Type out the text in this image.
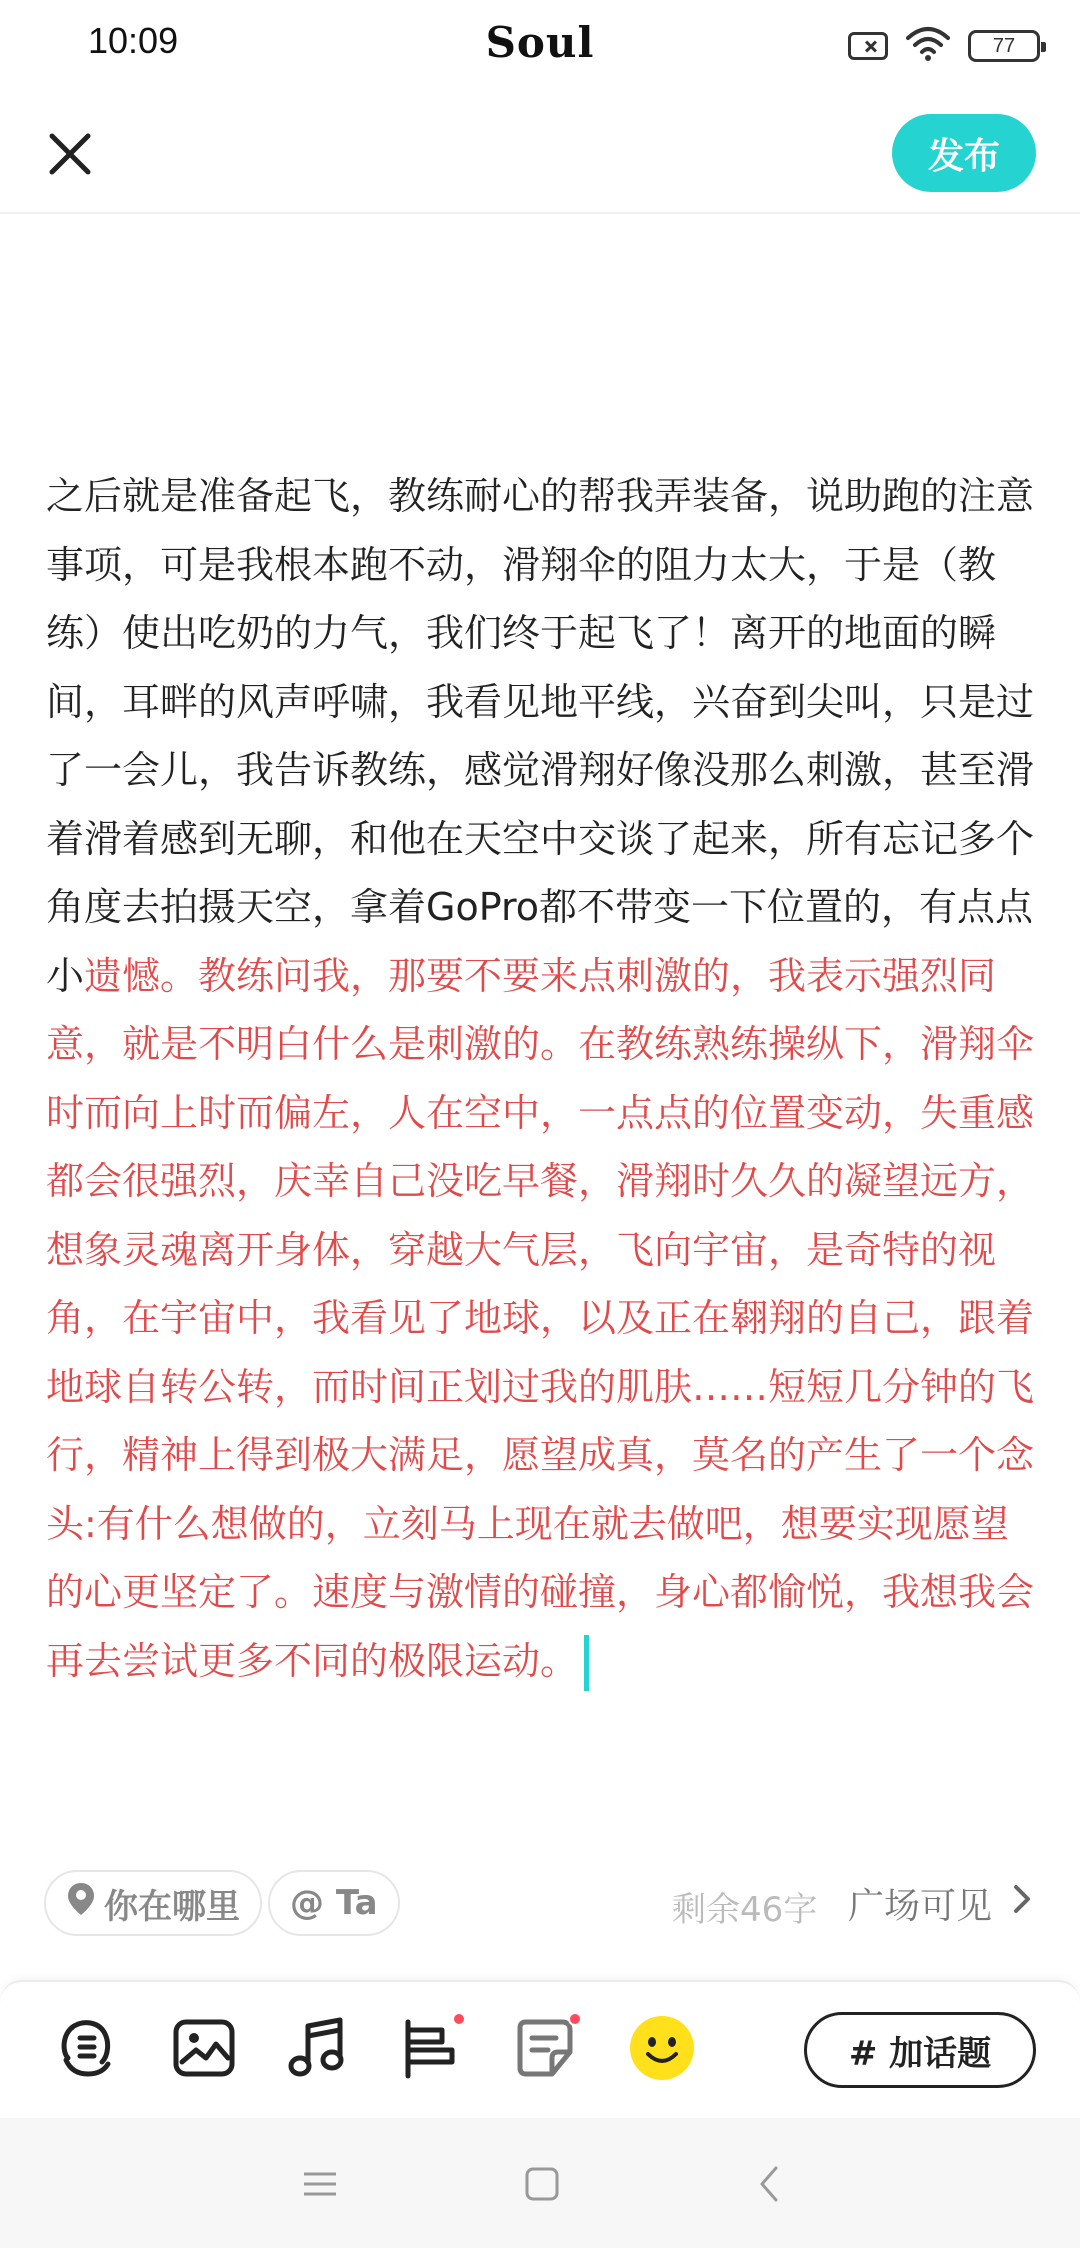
10:09	Soul	77
发布
之后就是准备起飞，教练耐心的帮我弄装备，说助跑的注意事项，可是我根本跑不动，滑翔伞的阻力太大，于是（教练）使出吃奶的力气，我们终于起飞了！离开的地面的瞬间，耳畔的风声呼啸，我看见地平线，兴奋到尖叫，只是过了一会儿，我告诉教练，感觉滑翔好像没那么刺激，甚至滑着滑着感到无聊，和他在天空中交谈了起来，所有忘记多个角度去拍摄天空，拿着GoPro都不带变一下位置的，有点点小遗憾。教练问我，那要不要来点刺激的，我表示强烈同意，就是不明白什么是刺激的。在教练熟练操纵下，滑翔伞时而向上时而偏左，人在空中，一点点的位置变动，失重感都会很强烈，庆幸自己没吃早餐，滑翔时久久的凝望远方，想象灵魂离开身体，穿越大气层，飞向宇宙，是奇特的视角，在宇宙中，我看见了地球，以及正在翱翔的自己，跟着地球自转公转，而时间正划过我的肌肤……短短几分钟的飞行，精神上得到极大满足，愿望成真，莫名的产生了一个念头:有什么想做的，立刻马上现在就去做吧，想要实现愿望的心更坚定了。速度与激情的碰撞，身心都愉悦，我想我会再去尝试更多不同的极限运动。
你在哪里 @ Ta	剩余46字 广场可见
# 加话题
